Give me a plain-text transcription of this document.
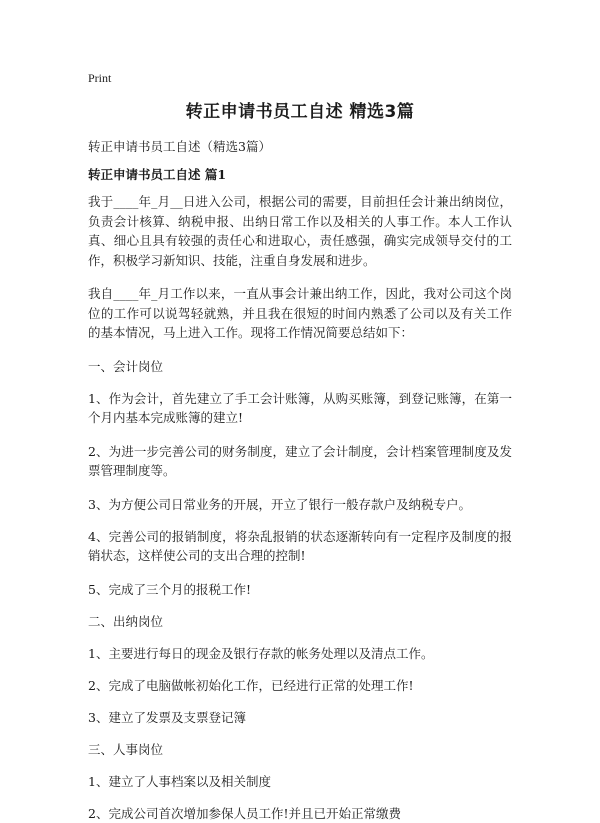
Print
转正申请书员工自述 精选3篇
转正申请书员工自述（精选3篇）
转正申请书员工自述 篇1
我于____年_月__日进入公司，根据公司的需要，目前担任会计兼出纳岗位，负责会计核算、纳税申报、出纳日常工作以及相关的人事工作。本人工作认真、细心且具有较强的责任心和进取心，责任感强，确实完成领导交付的工作，积极学习新知识、技能，注重自身发展和进步。
我自____年_月工作以来，一直从事会计兼出纳工作，因此，我对公司这个岗位的工作可以说驾轻就熟，并且我在很短的时间内熟悉了公司以及有关工作的基本情况，马上进入工作。现将工作情况简要总结如下：
一、会计岗位
1、作为会计，首先建立了手工会计账簿，从购买账簿，到登记账簿，在第一个月内基本完成账簿的建立!
2、为进一步完善公司的财务制度，建立了会计制度，会计档案管理制度及发票管理制度等。
3、为方便公司日常业务的开展，开立了银行一般存款户及纳税专户。
4、完善公司的报销制度，将杂乱报销的状态逐渐转向有一定程序及制度的报销状态，这样使公司的支出合理的控制!
5、完成了三个月的报税工作!
二、出纳岗位
1、主要进行每日的现金及银行存款的帐务处理以及清点工作。
2、完成了电脑做帐初始化工作，已经进行正常的处理工作!
3、建立了发票及支票登记簿
三、人事岗位
1、建立了人事档案以及相关制度
2、完成公司首次增加参保人员工作!并且已开始正常缴费
